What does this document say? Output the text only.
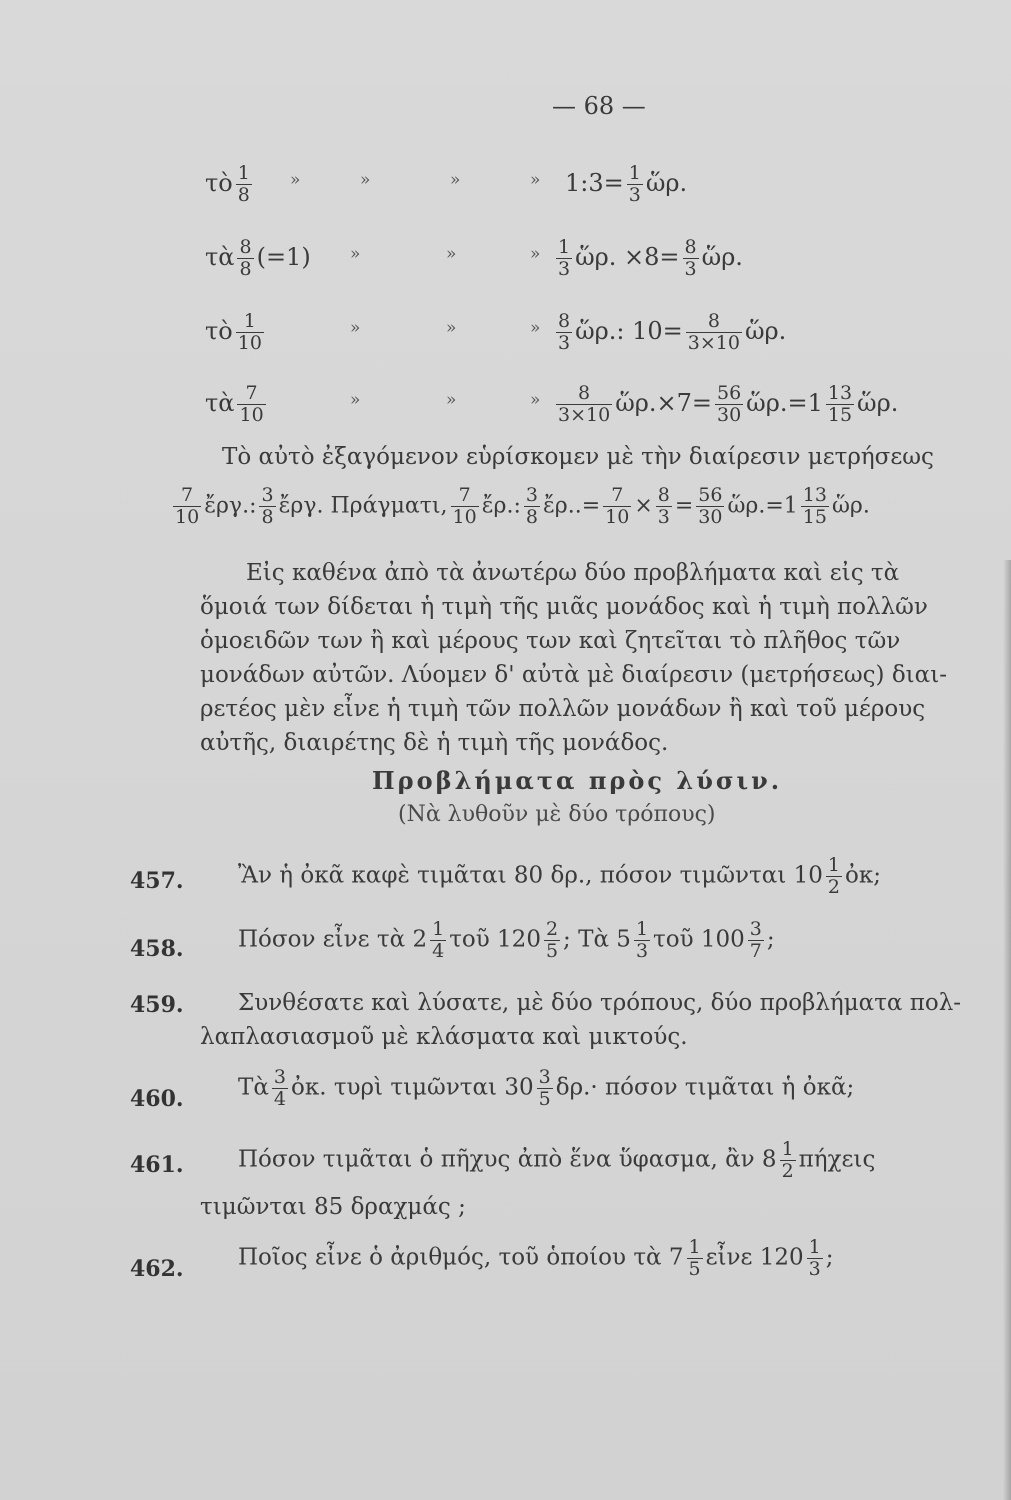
— 68 —
τὸ $\frac{1}{8}$ »	»	»	» 1:3= $\frac{1}{3}$ ὥρ.
τὰ $\frac{8}{8} (=1)$ »	»	» $\frac{1}{3}$ ὥρ. $\times 8= \frac{8}{3}$ ὥρ.
τὸ $\frac{1}{10}$	»	»	» $\frac{8}{3}$ ὥρ.: $10= \frac{8}{3\times 10}$ ὥρ.
τὰ $\frac{7}{10}$	»	»	» $\frac{8}{3\times 10}$ ὥρ.×7= $\frac{56}{30}$ ὥρ.=1 $\frac{13}{15}$ ὥρ.
Τὸ αὐτὸ ἐξαγόμενον εὑρίσκομεν μὲ τὴν διαίρεσιν μετρήσεως
$\frac{7}{10}$ ἔργ.: $\frac{3}{8}$ ἔργ. Πράγματι, $\frac{7}{10}$ ἔρ.: $\frac{3}{8}$ ἔρ..= $\frac{7}{10} \times \frac{8}{3} = \frac{56}{30}$ ὥρ.=1 $\frac{13}{15}$ ὥρ.
Εἰς καθένα ἀπὸ τὰ ἀνωτέρω δύο προβλήματα καὶ εἰς τὰ
ὅμοιά των δίδεται ἡ τιμὴ τῆς μιᾶς μονάδος καὶ ἡ τιμὴ πολλῶν
ὁμοειδῶν των ἢ καὶ μέρους των καὶ ζητεῖται τὸ πλῆθος τῶν
μονάδων αὐτῶν. Λύομεν δ' αὐτὰ μὲ διαίρεσιν (μετρήσεως) διαι-
ρετέος μὲν εἶνε ἡ τιμὴ τῶν πολλῶν μονάδων ἢ καὶ τοῦ μέρους
αὐτῆς, διαιρέτης δὲ ἡ τιμὴ τῆς μονάδος.
Προβλήματα πρὸς λύσιν.
(Νὰ λυθοῦν μὲ δύο τρόπους)
457. Ἂν ἡ ὀκᾶ καφὲ τιμᾶται 80 δρ., πόσον τιμῶνται $10 \frac{1}{2}$ ὀκ;
458. Πόσον εἶνε τὰ $2 \frac{1}{4}$ τοῦ $120 \frac{2}{5}$ ; Τὰ $5 \frac{1}{3}$ τοῦ $100 \frac{3}{7}$ ;
459. Συνθέσατε καὶ λύσατε, μὲ δύο τρόπους, δύο προβλήματα πολ-
λαπλασιασμοῦ μὲ κλάσματα καὶ μικτούς.
460. Τὰ $\frac{3}{4}$ ὀκ. τυρὶ τιμῶνται $30 \frac{3}{5} \delta\rho.\cdot \pi ό\sigma o\nu$ τιμᾶται ἡ ὀκᾶ;
461. Πόσον τιμᾶται ὁ πῆχυς ἀπὸ ἕνα ὕφασμα, ἂν $8 \frac{1}{2}$ πήχεις
τιμῶνται 85 δραχμάς ;
462. Ποῖος εἶνε ὁ ἀριθμός, τοῦ ὁποίου τὰ $7 \frac{1}{5}$ εἶνε $120 \frac{1}{3}$ ;
